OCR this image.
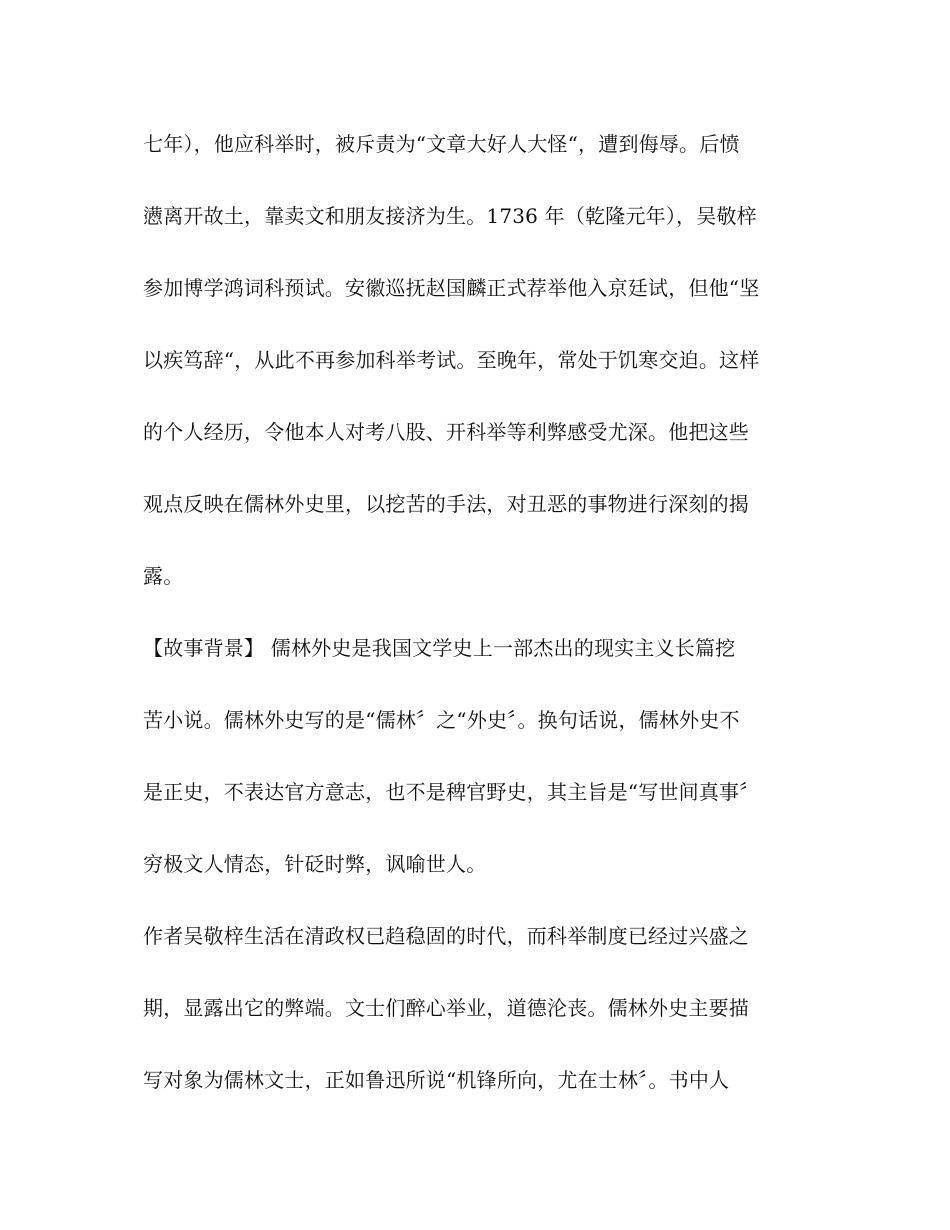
七年），他应科举时，被斥责为“文章大好人大怪“，遭到侮辱。后愤
懑离开故土，靠卖文和朋友接济为生。1736 年（乾隆元年），吴敬梓
参加博学鸿词科预试。安徽巡抚赵国麟正式荐举他入京廷试，但他“坚
以疾笃辞“，从此不再参加科举考试。至晚年，常处于饥寒交迫。这样
的个人经历，令他本人对考八股、开科举等利弊感受尤深。他把这些
观点反映在儒林外史里，以挖苦的手法，对丑恶的事物进行深刻的揭
露。
【故事背景】 儒林外史是我国文学史上一部杰出的现实主义长篇挖
苦小说。儒林外史写的是“儒林〞之“外史〞。换句话说，儒林外史不
是正史，不表达官方意志，也不是稗官野史，其主旨是“写世间真事〞
穷极文人情态，针砭时弊，讽喻世人。
作者吴敬梓生活在清政权已趋稳固的时代，而科举制度已经过兴盛之
期，显露出它的弊端。文士们醉心举业，道德沦丧。儒林外史主要描
写对象为儒林文士，正如鲁迅所说“机锋所向，尤在士林〞。书中人
